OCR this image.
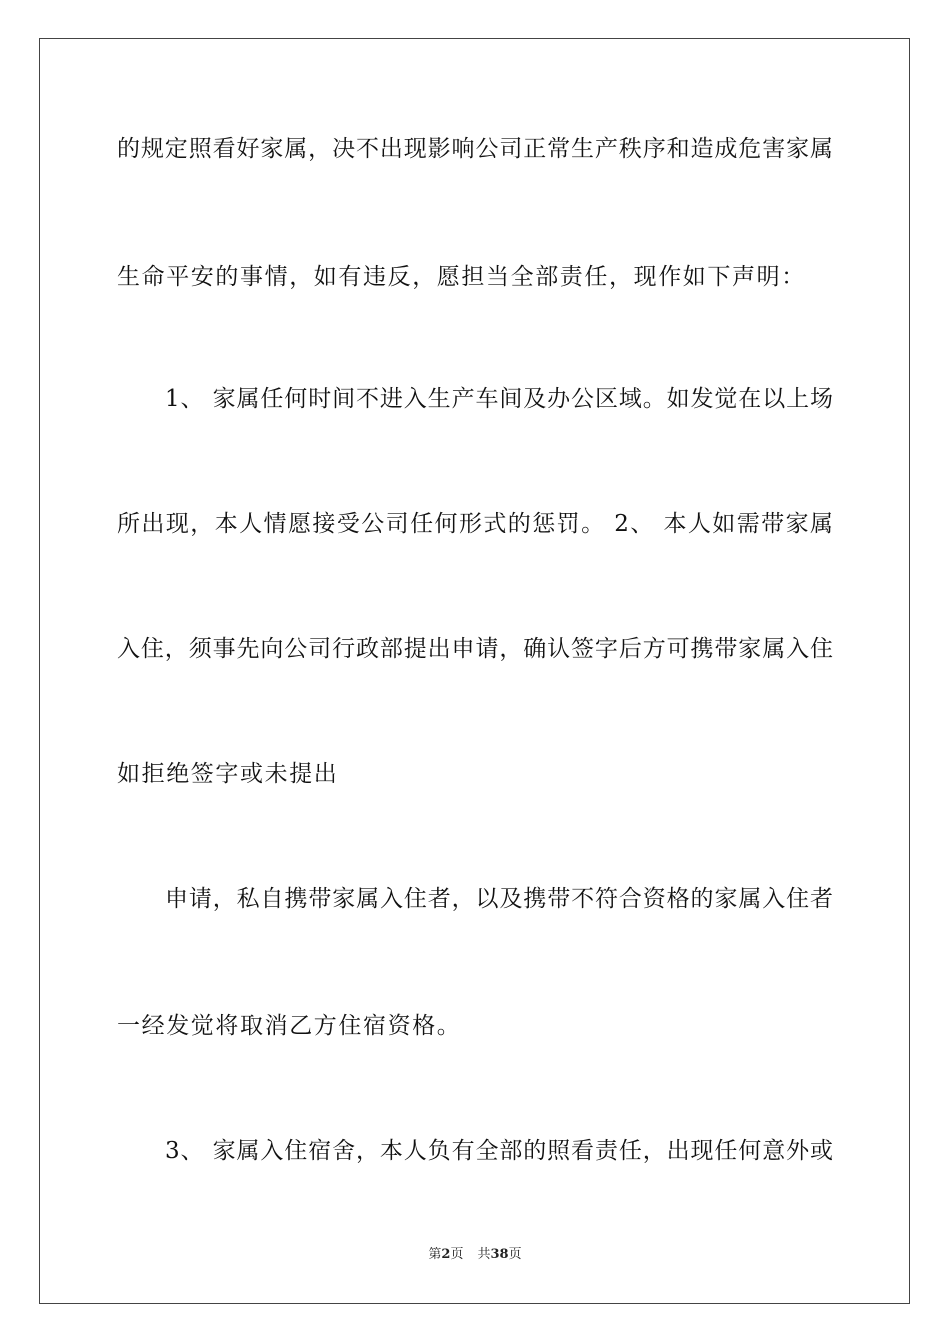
的规定照看好家属，决不出现影响公司正常生产秩序和造成危害家属
生命平安的事情，如有违反，愿担当全部责任，现作如下声明：
1、 家属任何时间不进入生产车间及办公区域。如发觉在以上场
所出现，本人情愿接受公司任何形式的惩罚。 2、 本人如需带家属
入住，须事先向公司行政部提出申请，确认签字后方可携带家属入住
如拒绝签字或未提出
申请，私自携带家属入住者，以及携带不符合资格的家属入住者
一经发觉将取消乙方住宿资格。
3、 家属入住宿舍，本人负有全部的照看责任，出现任何意外或
第2页 共38页
